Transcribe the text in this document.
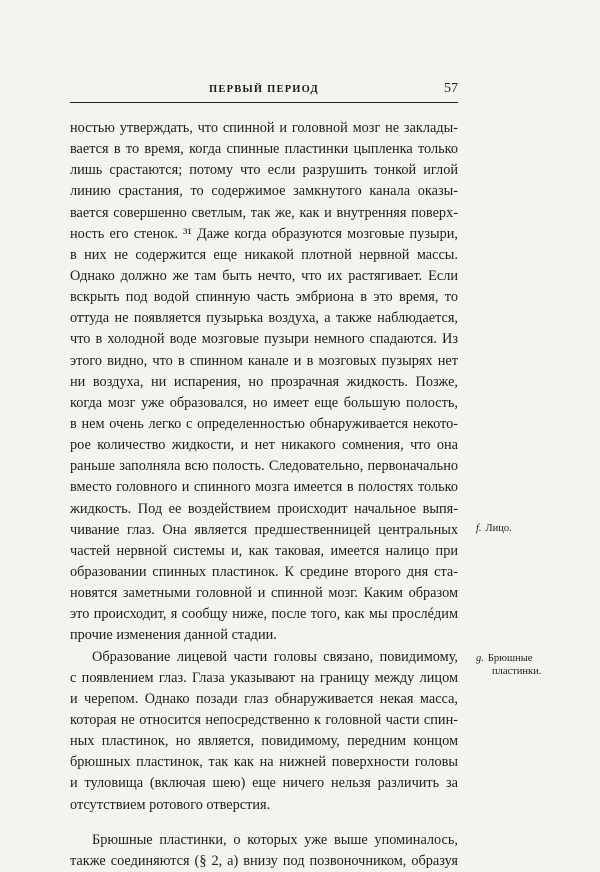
ПЕРВЫЙ ПЕРИОД	57
ностью утверждать, что спинной и головной мозг не заклады-
вается в то время, когда спинные пластинки цыпленка только
лишь срастаются; потому что если разрушить тонкой иглой
линию срастания, то содержимое замкнутого канала оказы-
вается совершенно светлым, так же, как и внутренняя поверх-
ность его стенок. ³¹ Даже когда образуются мозговые пузыри,
в них не содержится еще никакой плотной нервной массы.
Однако должно же там быть нечто, что их растягивает. Если
вскрыть под водой спинную часть эмбриона в это время, то
оттуда не появляется пузырька воздуха, а также наблюдается,
что в холодной воде мозговые пузыри немного спадаются. Из
этого видно, что в спинном канале и в мозговых пузырях нет
ни воздуха, ни испарения, но прозрачная жидкость. Позже,
когда мозг уже образовался, но имеет еще большую полость,
в нем очень легко с определенностью обнаруживается некото-
рое количество жидкости, и нет никакого сомнения, что она
раньше заполняла всю полость. Следовательно, первоначально
вместо головного и спинного мозга имеется в полостях только
жидкость. Под ее воздействием происходит начальное выпя-
чивание глаз. Она является предшественницей центральных
частей нервной системы и, как таковая, имеется налицо при
образовании спинных пластинок. К средине второго дня ста-
новятся заметными головной и спинной мозг. Каким образом
это происходит, я сообщу ниже, после того, как мы прослéдим
прочие изменения данной стадии.
Образование лицевой части головы связано, повидимому,
с появлением глаз. Глаза указывают на границу между лицом
и черепом. Однако позади глаз обнаруживается некая масса,
которая не относится непосредственно к головной части спин-
ных пластинок, но является, повидимому, передним концом
брюшных пластинок, так как на нижней поверхности головы
и туловища (включая шею) еще ничего нельзя различить за
отсутствием ротового отверстия.
Брюшные пластинки, о которых уже выше упоминалось,
также соединяются (§ 2, а) внизу под позвоночником, образуя
f. Лицо.
g. Брюшные
пластинки.
